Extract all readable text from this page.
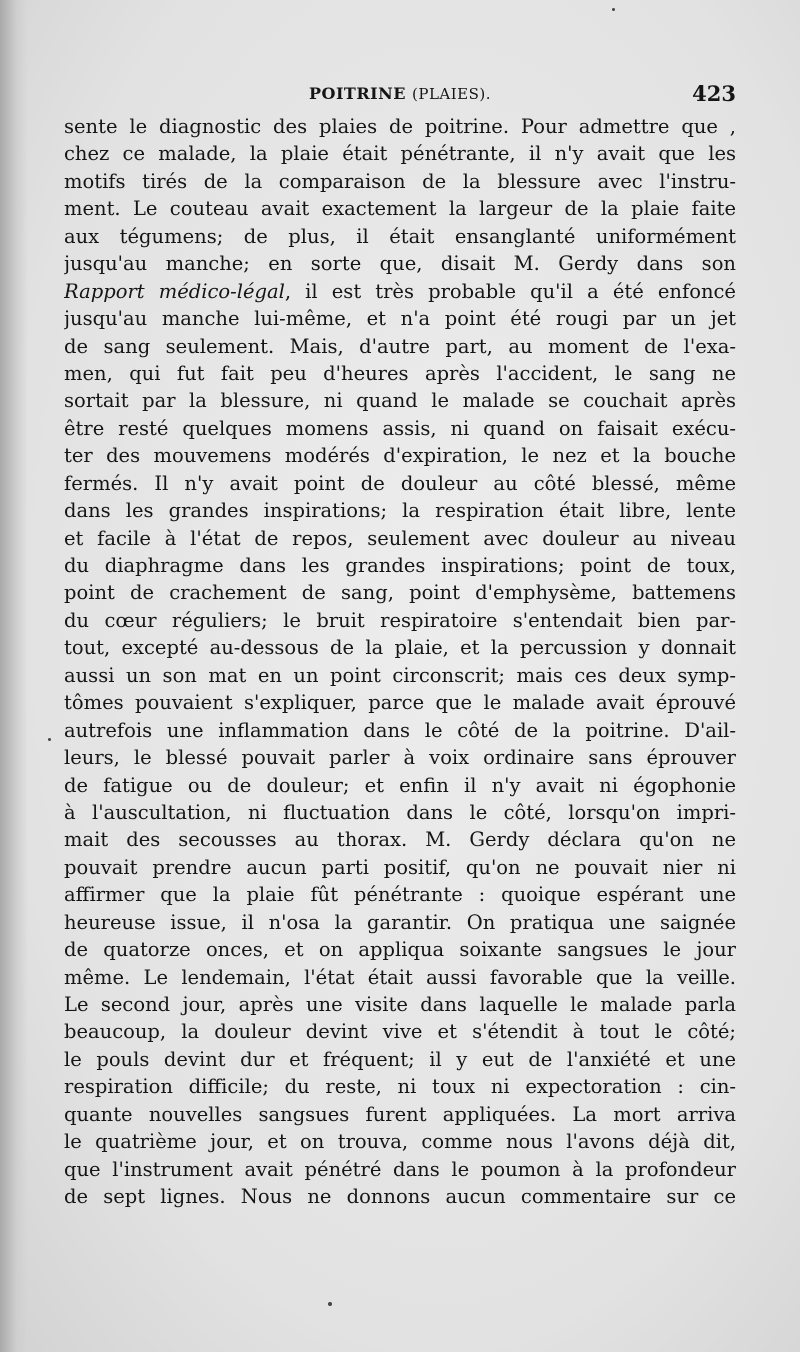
POITRINE (PLAIES).	423
sente le diagnostic des plaies de poitrine. Pour admettre que ,
chez ce malade, la plaie était pénétrante, il n'y avait que les
motifs tirés de la comparaison de la blessure avec l'instru-
ment. Le couteau avait exactement la largeur de la plaie faite
aux tégumens; de plus, il était ensanglanté uniformément
jusqu'au manche; en sorte que, disait M. Gerdy dans son
Rapport médico-légal, il est très probable qu'il a été enfoncé
jusqu'au manche lui-même, et n'a point été rougi par un jet
de sang seulement. Mais, d'autre part, au moment de l'exa-
men, qui fut fait peu d'heures après l'accident, le sang ne
sortait par la blessure, ni quand le malade se couchait après
être resté quelques momens assis, ni quand on faisait exécu-
ter des mouvemens modérés d'expiration, le nez et la bouche
fermés. Il n'y avait point de douleur au côté blessé, même
dans les grandes inspirations; la respiration était libre, lente
et facile à l'état de repos, seulement avec douleur au niveau
du diaphragme dans les grandes inspirations; point de toux,
point de crachement de sang, point d'emphysème, battemens
du cœur réguliers; le bruit respiratoire s'entendait bien par-
tout, excepté au-dessous de la plaie, et la percussion y donnait
aussi un son mat en un point circonscrit; mais ces deux symp-
tômes pouvaient s'expliquer, parce que le malade avait éprouvé
autrefois une inflammation dans le côté de la poitrine. D'ail-
leurs, le blessé pouvait parler à voix ordinaire sans éprouver
de fatigue ou de douleur; et enfin il n'y avait ni égophonie
à l'auscultation, ni fluctuation dans le côté, lorsqu'on impri-
mait des secousses au thorax. M. Gerdy déclara qu'on ne
pouvait prendre aucun parti positif, qu'on ne pouvait nier ni
affirmer que la plaie fût pénétrante : quoique espérant une
heureuse issue, il n'osa la garantir. On pratiqua une saignée
de quatorze onces, et on appliqua soixante sangsues le jour
même. Le lendemain, l'état était aussi favorable que la veille.
Le second jour, après une visite dans laquelle le malade parla
beaucoup, la douleur devint vive et s'étendit à tout le côté;
le pouls devint dur et fréquent; il y eut de l'anxiété et une
respiration difficile; du reste, ni toux ni expectoration : cin-
quante nouvelles sangsues furent appliquées. La mort arriva
le quatrième jour, et on trouva, comme nous l'avons déjà dit,
que l'instrument avait pénétré dans le poumon à la profondeur
de sept lignes. Nous ne donnons aucun commentaire sur ce
